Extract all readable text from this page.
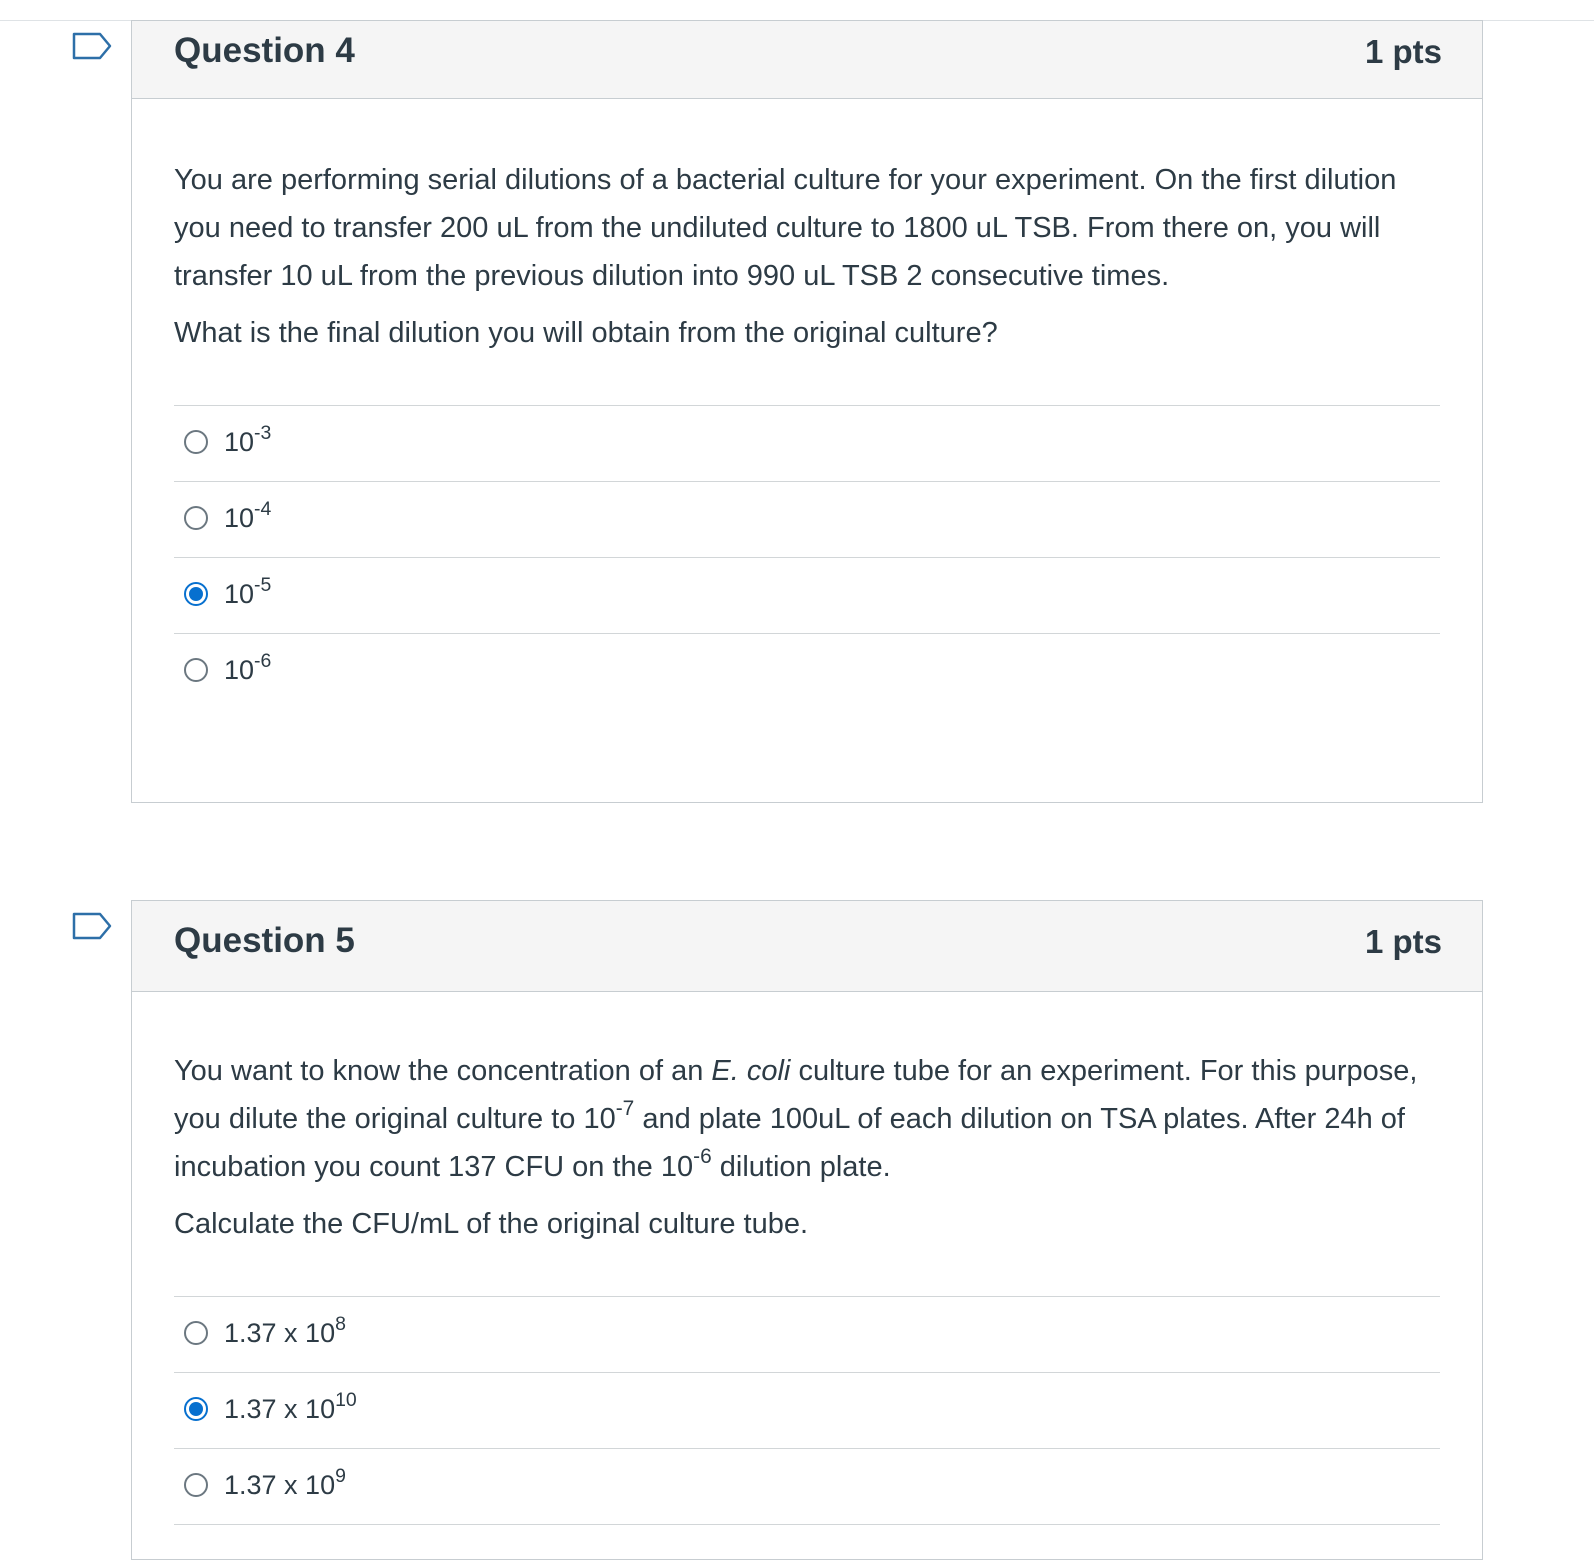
Question 4	1 pts

You are performing serial dilutions of a bacterial culture for your experiment. On the first dilution you need to transfer 200 uL from the undiluted culture to 1800 uL TSB. From there on, you will transfer 10 uL from the previous dilution into 990 uL TSB 2 consecutive times.

What is the final dilution you will obtain from the original culture?

$10^{-3}$
$10^{-4}$
$10^{-5}$
$10^{-6}$
Question 5	1 pts

You want to know the concentration of an E. coli culture tube for an experiment. For this purpose, you dilute the original culture to $10^{-7}$ and plate 100uL of each dilution on TSA plates. After 24h of incubation you count 137 CFU on the $10^{-6}$ dilution plate.

Calculate the CFU/mL of the original culture tube.

1.37 x $10^8$
1.37 x $10^{10}$
1.37 x $10^9$
